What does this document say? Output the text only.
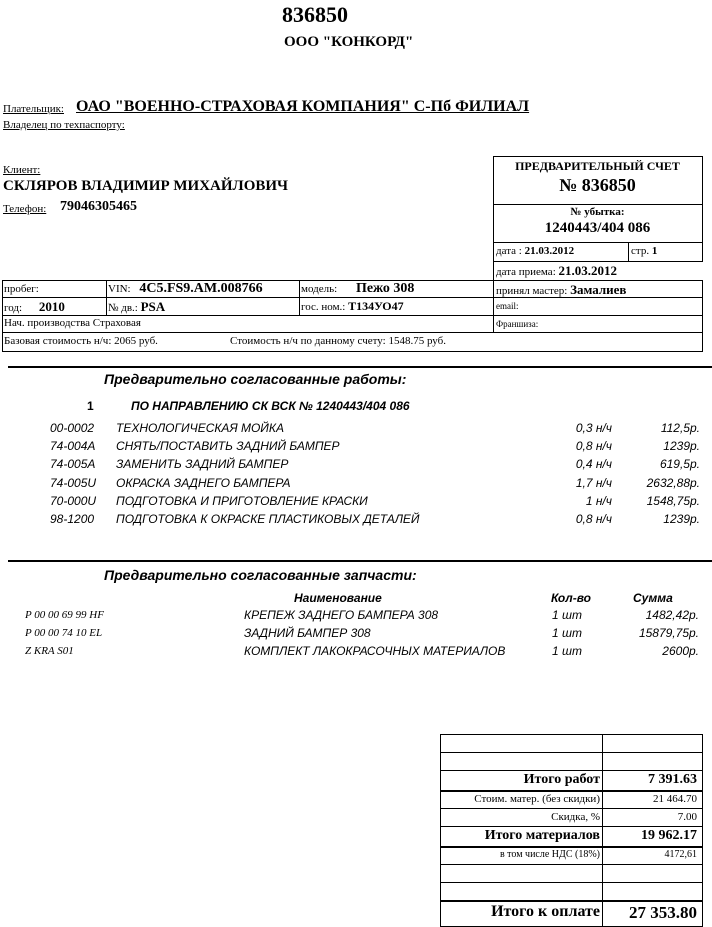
836850
ООО "КОНКОРД"
Плательщик: ОАО "ВОЕННО-СТРАХОВАЯ КОМПАНИЯ" С-Пб ФИЛИАЛ
Владелец по техпаспорту:
Клиент:
СКЛЯРОВ ВЛАДИМИР МИХАЙЛОВИЧ
Телефон: 79046305465
ПРЕДВАРИТЕЛЬНЫЙ СЧЕТ
№ 836850
№ убытка:
1240443/404 086
дата : 21.03.2012	стр. 1
дата приема: 21.03.2012
пробег:	VIN: 4C5.FS9.AM.008766	модель: Пежо 308	принял мастер: Замалиев
год: 2010	№ дв.: PSA	гос. ном.: Т134УО47	email:
Нач. производства Страховая	Франшиза:
Базовая стоимость н/ч: 2065 руб.	Стоимость н/ч по данному счету: 1548.75 руб.
Предварительно согласованные работы:
1	ПО НАПРАВЛЕНИЮ СК ВСК № 1240443/404 086
00-0002 ТЕХНОЛОГИЧЕСКАЯ МОЙКА	0,3 н/ч	112,5р.
74-004A СНЯТЬ/ПОСТАВИТЬ ЗАДНИЙ БАМПЕР	0,8 н/ч	1239р.
74-005A ЗАМЕНИТЬ ЗАДНИЙ БАМПЕР	0,4 н/ч	619,5р.
74-005U ОКРАСКА ЗАДНЕГО БАМПЕРА	1,7 н/ч	2632,88р.
70-000U ПОДГОТОВКА И ПРИГОТОВЛЕНИЕ КРАСКИ	1 н/ч	1548,75р.
98-1200 ПОДГОТОВКА К ОКРАСКЕ ПЛАСТИКОВЫХ ДЕТАЛЕЙ	0,8 н/ч	1239р.
Предварительно согласованные запчасти:
Наименование	Кол-во	Сумма
P 00 00 69 99 HF	КРЕПЕЖ ЗАДНЕГО БАМПЕРА 308	1 шт	1482,42р.
P 00 00 74 10 EL	ЗАДНИЙ БАМПЕР 308	1 шт	15879,75р.
Z KRA S01	КОМПЛЕКТ ЛАКОКРАСОЧНЫХ МАТЕРИАЛОВ	1 шт	2600р.
Итого работ	7 391.63
Стоим. матер. (без скидки)	21 464.70
Скидка, %	7.00
Итого материалов	19 962.17
в том числе НДС (18%)	4172,61
Итого к оплате	27 353.80
